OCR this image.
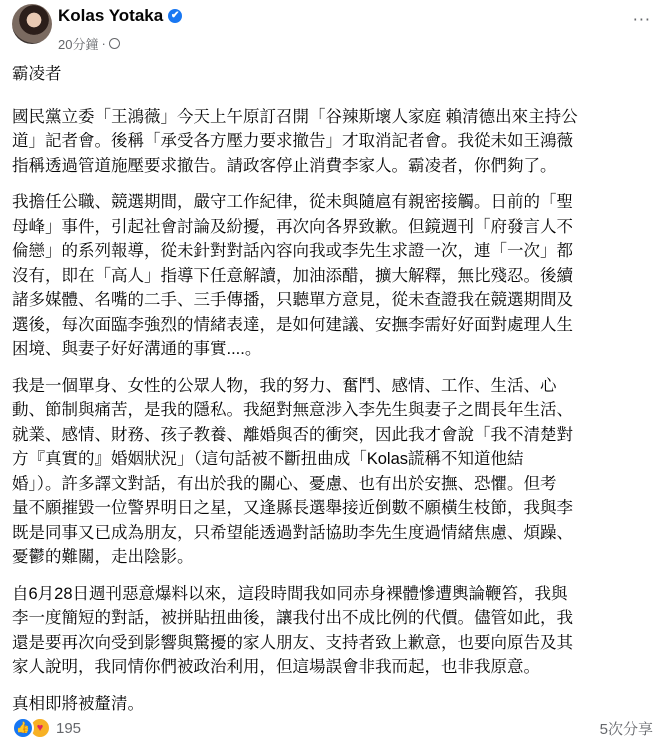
Kolas Yotaka ✔
20分鐘 ·
···

霸凌者

國民黨立委「王鴻薇」今天上午原訂召開「谷辣斯壞人家庭 賴清德出來主持公
道」記者會。後稱「承受各方壓力要求撤告」才取消記者會。我從未如王鴻薇
指稱透過管道施壓要求撤告。請政客停止消費李家人。霸凌者，你們夠了。

我擔任公職、競選期間，嚴守工作紀律，從未與隨扈有親密接觸。日前的「聖
母峰」事件，引起社會討論及紛擾，再次向各界致歉。但鏡週刊「府發言人不
倫戀」的系列報導，從未針對對話內容向我或李先生求證一次，連「一次」都
沒有，即在「高人」指導下任意解讀，加油添醋，擴大解釋，無比殘忍。後續
諸多媒體、名嘴的二手、三手傳播，只聽單方意見，從未查證我在競選期間及
選後，每次面臨李強烈的情緒表達，是如何建議、安撫李需好好面對處理人生
困境、與妻子好好溝通的事實....。

我是一個單身、女性的公眾人物，我的努力、奮鬥、感情、工作、生活、心
動、節制與痛苦，是我的隱私。我絕對無意涉入李先生與妻子之間長年生活、
就業、感情、財務、孩子教養、離婚與否的衝突，因此我才會說「我不清楚對
方『真實的』婚姻狀況」（這句話被不斷扭曲成「Kolas謊稱不知道他結
婚」）。許多譯文對話，有出於我的關心、憂慮、也有出於安撫、恐懼。但考
量不願摧毀一位警界明日之星，又逢縣長選舉接近倒數不願橫生枝節，我與李
既是同事又已成為朋友，只希望能透過對話協助李先生度過情緒焦慮、煩躁、
憂鬱的難關，走出陰影。

自6月28日週刊惡意爆料以來，這段時間我如同赤身裸體慘遭輿論鞭笞，我與
李一度簡短的對話，被拼貼扭曲後，讓我付出不成比例的代價。儘管如此，我
還是要再次向受到影響與驚擾的家人朋友、支持者致上歉意，也要向原告及其
家人說明，我同情你們被政治利用，但這場誤會非我而起，也非我原意。

真相即將被釐清。

👍 ♥ 195	5次分享
